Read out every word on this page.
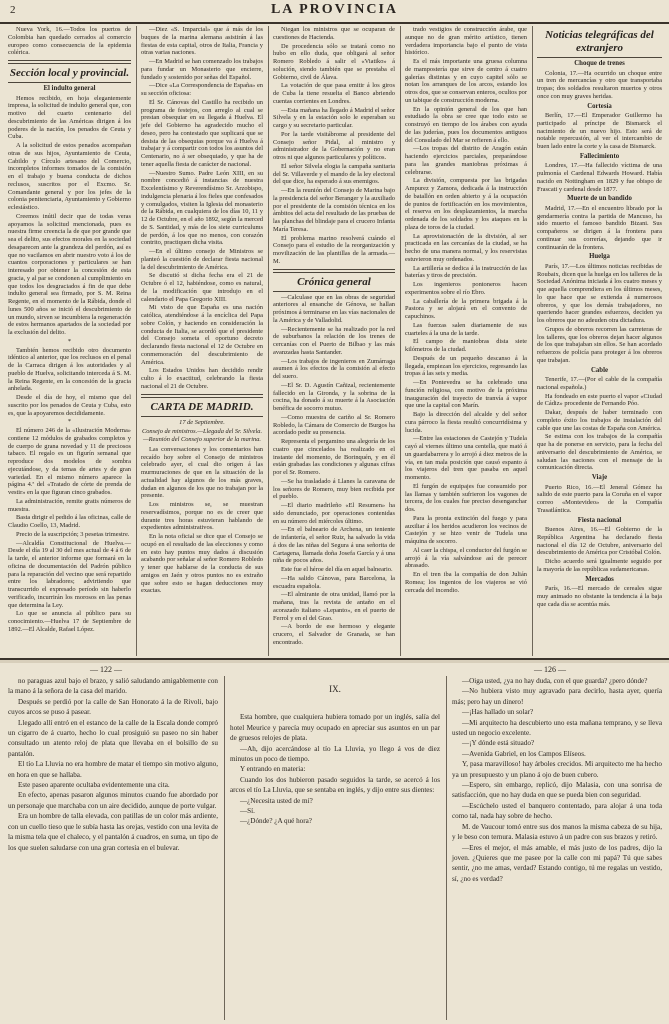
2	LA PROVINCIA

Nueva York, 16.—Todos los puertos de Colombia han quedado cerrados al comercio europeo como consecuencia de la epidemia colérica.

Sección local y provincial.
El indulto general

Hemos recibido, en hoja elegantemente impresa, la solicitud de indulto general que, con motivo del cuarto centenario del descubrimiento de las Américas dirigen á los poderes de la nación, los penados de Ceuta y Cuba.

A la solicitud de estos penados acompañan otras de sus hijos, Ayuntamiento de Ceuta, Cabildo y Círculo artesano del Comercio, incompletos informes tomados de la comisión en el trabajo y buena conducta de dichos reclusos, suscritos por el Excmo. Sr. Comandante general y por los jefes de la colonia penitenciaria, Ayuntamiento y Gobierno eclesiástico.

Creemos inútil decir que de todas veras apoyamos la solicitud mencionada, pues es nuestra firme creencia la de que por grande que sea el delito, sus efectos morales en la sociedad desaparecen ante la grandeza del perdón, así es que no vacilamos en abrir nuestro voto á los de cuantos corporaciones y particulares se han interesado por obtener la concesión de esta gracia, y al par se condonen al cumplimiento en que todos los desgraciados á fin de que debe indulto general sea firmado, por S. M. Reina Regente, en el momento de la Rábida, donde el lunes 500 años se inició el descubrimiento de un mundo, sirven se incumbiera la regeneración de estos hermanos apartados de la sociedad por la exclusión del delito.

*

También hemos recibido otro documento idéntico al anterior, que los reclusos en el penal de la Carraca dirigen á los autoridades y al pueblo de Huelva, solicitando interceda á S. M. la Reina Regente, en la concesión de la gracia anhelada.

Desde el día de hoy, el mismo que del suscrito por los penados de Ceuta y Cuba, esto es, que la apoyaremos decididamente.

*

El número 246 de la «Ilustración Moderna» contiene 12 módulos de grabados completos y de cuerpo de grana novedad y 11 de preciosos tabaco. El regalo es un figurín semanal que reproduce dos modelos de sombra ejecutándose, y da temas de artes y de gran variedad. En el mismo número aparece la página 4.ª del «Tratado de córte de prenda de vestir» en la que figuran cinco grabados.

La administración, remite gratis números de muestra.

Basta dirigir el pedido á las oficinas, calle de Claudio Coello, 13, Madrid.

Precio de la suscripción; 3 pesetas trimestre.

—Alcaldía Constitucional de Huelva.—Desde el día 19 al 30 del mes actual de 4 á 6 de la tarde, el anterior informe que formará en la oficina de documentación del Padrón público para la reparación del vecino que será repartido entre los labradores; advirtiendo que transcurrido el expresado período sin haberlo verificado, incurrirán los morosos en las penas que determina la Ley.

Lo que se anuncia al público para su conocimiento.—Huelva 17 de Septiembre de 1892.—El Alcalde, Rafael López.

—Diez «S. Imparcial» que á más de los buques de la marina alemana asistirán á las fiestas de esta capital, otros de Italia, Francia y otras varias naciones.

—En Madrid se han comenzado los trabajos para fundar un Monasterio que encierre, fundado y sostenido por señas del Español.

—Dice «La Correspondencia de España» en su sección oficiosa:

El Sr. Cánovas del Castillo ha recibido un programa de festejos, con arreglo al cual se prestan obsequiar en su llegada á Huelva. El jefe del Gobierno ha agradecido mucho el deseo, pero ha contestado que suplicará que se desista de las obsequias porque va á Huelva á trabajar y á compartir con todos los asuntos del Centenario, no á ser obsequiado, y que ha de tener aquella fiesta de carácter de nacional.

—Nuestro Sumo. Padre León XIII, en su nombre concedió á instancias de nuestra Excelentísimo y Reverendísimo Sr. Arzobispo, indulgencia plenaria á los fieles que confesados y comulgados, visiten la Iglesia del monasterio de la Rábida, en cualquiera de los días 10, 11 y 12 de Octubre, en el año 1892, según la merced de S. Santidad, y más de los siete curriculums de perdón, á los que no menos, con corazón contrito, practiquen dicha visita.

—En el último consejo de Ministros se planteó la cuestión de declarar fiesta nacional la del descubrimiento de América.

Se discutió si dicha fecha era el 21 de Octubre ó el 12, habiéndose, como es natural, de la modificación que introdujo en el calendario el Papa Gregorio XIII.

Mi visto de que España es una nación católica, atendiéndose á la encíclica del Papa sobre Colón, y haciendo en consideración la conducta de Italia, se acordó que el presidente del Consejo someta el oportuno decreto declarando fiesta nacional el 12 de Octubre en conmemoración del descubrimiento de América.

Los Estados Unidos han decidido rendir culto á lo exactitud, celebrando la fiesta nacional el 21 de Octubre.

CARTA DE MADRID.
17 de Septiembre.
Consejo de ministros.—Llegada del Sr. Silvela.—Reunión del Consejo superior de la marina.

Las conversaciones y los comentarios han recaído hoy sobre el Consejo de ministros celebrado ayer, el cual dio origen á las murmuraciones de que en la situación de la actualidad hay algunos de los más graves, dudan en algunos de los que no trabajan por la presente.

Los ministros se, se muestran reservadísimos, porque no es de creer que durante tres horas estuvieran hablando de expedientes administrativos.

En la nota oficial se dice que el Consejo se ocupó en el resultado de las elecciones y como en esto hay puntos muy dados á discusión acabando por señalar al señor Romero Robledo y tener que hablarse de la conducta de sus amigos en Jaén y otros puntos no es extraño que sobre esto se hagan deducciones muy exactas.

Niegan los ministros que se ocuparan de cuestiones de Hacienda.

De procedencia sólo se tratará como no hubo en ello duda, que obligará al señor Romero Robledo á salir el «Viatiko» á solución, siendo también que se prestaba el Gobierno, civil de Álava.

La votación de que pasa emitir á los giros de Cuba la tiene resuelta el Banco abriendo cuentas corrientes en Londres.

—Esta mañana ha llegado á Madrid el señor Silvela y en la estación solo le esperaban su cargo y su secretario particular.

Por la tarde visitábrome al presidente del Consejo señor Pidal, al ministro y administrador de la Gobernación y no eran otros ni que algunos particulares y políticos.

El señor Silvela elogia la campaña sanitaria del Sr. Villaverde y el mando de la ley electoral del que dice, ha esperado á sus enemigos.

—En la reunión del Consejo de Marina bajo la presidencia del señor Beranger y la auxiliado por el presidente de la comisión técnica en los ámbitos del acta del resultado de las pruebas de las planchas del blindaje para el crucero Infanta María Teresa.

El problema marino resolverá cuándo el Consejo para el estudio de la reorganización y movilización de las plantillas de la armada.—M.

Crónica general

—Calculase que en las obras de seguridad anteriores al ensanche de Génova, se hallan próximos á terminarse en las vías nacionales de la América y de Valladolid.

—Recientemente se ha realizado por la red de suburbanos la relación de los trenes de cercanías con el Puerto de Bilbao y las más avanzadas hasta Santander.

—Los trabajos de ingenieros en Zumárraga asumen á los efectos de la comisión al efecto del suero.

—El Sr. D. Agustín Cañizal, recientemente fallecido en la Gironda, y la sobrina de la cocina, ha donado á su muerte á la Asociación benéfica de socorro mutuo.

—Como muestra de cariño al Sr. Romero Robledo, la Cámara de Comercio de Burgos ha acordado pedir su presencia.

Representa el pergamino una alegoría de los cuatro que cincelados ha realizado en el instante del momento, de Borinquén, y en él están grabadas las condiciones y algunas cifras por el Sr. Romero.

—Se ha trasladado á Llanes la caravana de los señores de Romero, muy bien recibida por el pueblo.

—El diario madrileño «El Resumen» ha sido denunciado, por operaciones contenidas en su número del miércoles último.

—En el balneario de Archena, un teniente de infantería, el señor Ruiz, ha salvado la vida á dos de las niñas del Segura á una señorita de Cartagena, llamada doña Josefa García y á una niña de pocos años.

Este fue el héroe del día en aquel balneario.

—Ha salido Cánovas, para Barcelona, la escuadra española.

—El almirante de otra unidad, llamó por la mañana, tras la revista de antaño en el acorazado italiano «Lepanto», en el puerto de Ferrol y en el del Grao.

—A bordo de ese hermoso y elegante crucero, el Salvador de Granada, se han encontrado.

trado vestigios de construcción árabe, que aunque no de gran mérito artístico, tienen verdadera importancia bajo el punto de vista histórico.

Es el más importante una gruesa columna de mampostería que sirve de centro á cuatro galerías distintas y en cuyo capitel sólo se notan los arranques de los arcos, estando los otros dos, que se conservan enteros, ocultos por un tabique de construcción moderna.

En la opinión general de los que han estudiado la obra se cree que todo esto se construyó en tiempo de los árabes con ayuda de las juderías, pues los documentos antiguos del Consulado del Mar se refieren á ello.

—Los tropas del distrito de Aragón están haciendo ejercicios parciales, preparándose para las grandes maniobras próximas á celebrarse.

La división, compuesta por las brigadas Ampurez y Zamora, dedicada á la instrucción de batallón en orden abierto y á la ocupación de puntos de fortificación en los movimientos, el reserva en los desplazamientos, la marcha ordenada de los soldados y los ataques en la plaza de toros de la ciudad.

La aprovisionación de la división, al ser practicada en las cercanías de la ciudad, se ha hecho de una manera normal, y los reservistas estuvieron muy ordenados.

La artillería se dedica á la instrucción de las baterías y tiros de precisión.

Los ingenieros pontoneros hacen experimentos sobre el río Ebro.

La caballería de la primera brigada á la Pastora y se alojará en el convento de capuchinos.

Las fuerzas salen diariamente de sus cuarteles á la una de la tarde.

El campo de maniobras dista siete kilómetros de la ciudad.

Después de un pequeño descanso á la llegada, empiezan los ejercicios, regresando las tropas á las seis y media.

—En Pontevedra se ha celebrado una función religiosa, con motivo de la próxima inauguración del trayecto de tranvía á vapor que une la capital con Marín.

Bajo la dirección del alcalde y del señor cura párroco la fiesta resultó concurridísima y lucida.

—Entre las estaciones de Castejón y Tudela cayó al viernes último una centella, que mató á un guardabarrera y lo arrojó á diez metros de la vía, en tan mala posición que causó espanto á los viajeros del tren que pasaba en aquel momento.

El furgón de equipajes fue consumido por las llamas y también sufrieron los vagones de tercera, de los cuales fue preciso desenganchar dos.

Para la pronta extinción del fuego y para auxiliar á los heridos acudieron los vecinos de Castejón y se hizo venir de Tudela una máquina de socorro.

Al caer la chispa, el conductor del furgón se arrojó á la vía salvándose así de perecer abrasado.

En el tren iba la compañía de don Julián Romea; los ingenios de los viajeros se vió cercada del incendio.

Noticias telegráficas del extranjero
Choque de trenes

Colonia, 17.—Ha ocurrido un choque entre un tren de mercancías y otro que transportaba tropas; dos soldados resultaron muertos y otros once con muy graves heridas.

Cortesía

Berlín, 17.—El Emperador Guillermo ha participado al príncipe de Bismarck el nacimiento de un nuevo hijo. Esto será de notable repercusión, al ver el intercambio de buen lado entre la corte y la casa de Bismarck.

Fallecimiento

Londres, 17.—Ha fallecido víctima de una pulmonía el Cardenal Edwards Howard. Había nacido en Nottingham en 1829 y fue obispo de Frascati y cardenal desde 1877.

Muerte de un bandido

Madrid, 17.—En el encuentro librado por la gendarmería contra la partida de Mancuso, ha sido muerto el famoso bandido Bizani. Sus compañeros se dirigen á la frontera para continuar sus correrías, dejando que ir continuarán de la frontera.

Huelga

París, 17.—Los últimos noticias recibidas de Roubaix, dicen que la huelga en los talleres de la Sociedad Anónima iniciada á los cuatro meses y que aquella comprendiera en los últimos meses, lo que hace que se extienda á numerosos obreros, y que los demás trabajadores, no queriendo hacer grandes esfuerzos, deciden ya los obreros que no adeuden otra dictadura.

Grupos de obreros recorren las carreteras de los talleres, que los obreros dejan hacer algunos de los que trabajaban sin ellos. Se han acordado refuerzos de policía para proteger á los obreros que trabajan.

Cable

Tenerife, 17.—(Por el cable de la compañía nacional española.)

Ha fondeado en este puerto el vapor «Ciudad de Cádiz» procedente de Fernando Póo.

Dakar, después de haber terminado con completo éxito los trabajos de instalación del cable que une las costas de España con América.

Se estima con los trabajos de la compañía que ha de ponerse en servicio, para la fecha del aniversario del descubrimiento de América, se saludan las naciones con el mensaje de la comunicación directa.

Viaje

Puerto Rico, 16.—El Jeneral Gómez ha salido de este puerto para la Coruña en el vapor correo «Montevideo» de la Compañía Trasatlántica.

Fiesta nacional

Buenos Aires, 16.—El Gobierno de la República Argentina ha declarado fiesta nacional el día 12 de Octubre, aniversario del descubrimiento de América por Cristóbal Colón.

Dicho acuerdo será igualmente seguido por la mayoría de las repúblicas sudamericanas.

Mercados

París, 16.—El mercado de cereales sigue muy animado no obstante la tendencia á la baja que cada día se acentúa más.

— 122 —	— 126 —

no paraguas azul bajo el brazo, y salió saludando amigablemente con la mano á la señora de la casa del marido.

Después se perdió por la calle de San Honorato á la de Rivoli, bajo cuyos arcos se puso á pasear.

Llegado allí entró en el estanco de la calle de la Escala donde compró un cigarro de á cuarto, hecho lo cual prosiguió su paseo no sin haber consultado un atento reloj de plata que llevaba en el bolsillo de su pantalón.

El tío La Lluvia no era hombre de matar el tiempo sin motivo alguno, en hora en que se hallaba.

Este paseo aparente ocultaba evidentemente una cita.

En efecto, apenas pasaron algunos minutos cuando fue abordado por un personaje que marchaba con un aire decidido, aunque de porte vulgar.

Era un hombre de talla elevada, con patillas de un color más ardiente, con un cuello tieso que le subía hasta las orejas, vestido con una levita de la misma tela que el chaleco, y el pantalón á cuadros, en suma, un tipo de los que suelen saludarse con una gran cortesía en el bulevar.

IX.

Esta hombre, que cualquiera hubiera tomado por un inglés, salía del hotel Meurice y parecía muy ocupado en apreciar sus asuntos en un par de gruesos relojes de plata.

—Ah, dijo acercándose al tío La Lluvia, yo llego á vos de diez minutos un poco de tiempo.

Y entrando en materia:

Cuando los dos hubieron pasado seguidos la tarde, se acercó á los arcos el tío La Lluvia, que se sentaba en inglés, y dijo entre sus dientes:

—¿Necesita usted de mí?

—Sí.

—¿Dónde? ¿A qué hora?

—Oiga usted, ¿ya no hay duda, con el que guarda? ¿pero dónde?

—No hubiera visto muy agravado para decirlo, hasta ayer, quería más; pero hay un dinero!

—¡Has hallado un solar?

—Mi arquitecto ha descubierto uno esta mañana temprano, y se lleva usted un negocio excelente.

—¡Y dónde está situado?

—Avenida Gabriel, en los Campos Elíseos.

Y, pasa maravilloso! hay árboles crecidos. Mi arquitecto me ha hecho ya un presupuesto y un plano á ojo de buen cubero.

—Espero, sin embargo, replicó, dijo Malasia, con una sonrisa de satisfacción, que no hay duda en que se pueda bien con seguridad.

—Escúchelo usted el banquero contentado, para alojar á una toda como tal, nada hay sobre de hecho.

M. de Vaucour tomó entre sus dos manos la misma cabeza de su hija, y le beso con ternura. Malasia estuvo á un padre con sus brazos y retiró.

—Eres el mejor, el más amable, el más justo de los padres, dijo la joven. ¿Quieres que me pasee por la calle con mi papá? Tú que sabes sentir, ¿no me amas, verdad? Estando contigo, tú me regalas un vestido, sí, ¿no es verdad?
